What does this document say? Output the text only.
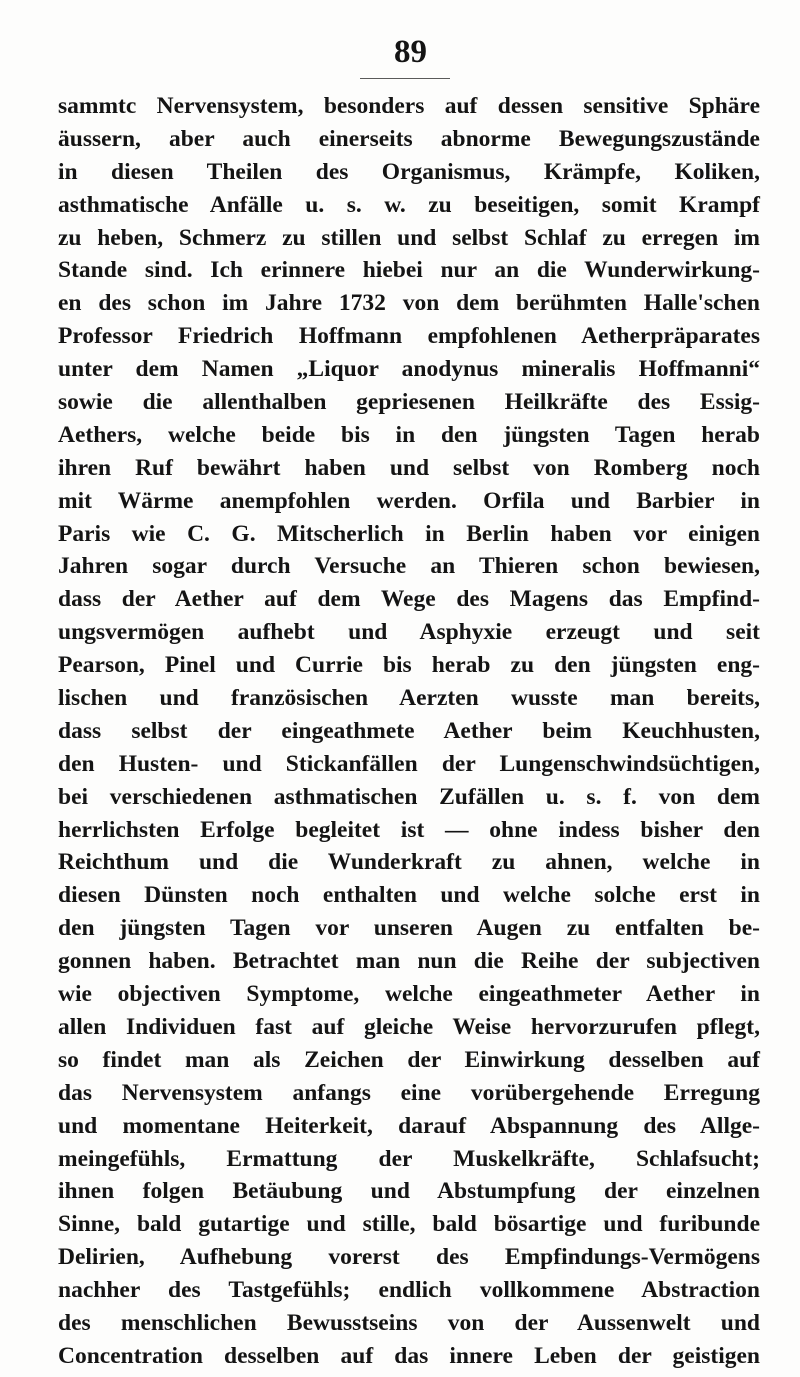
89
sammtc Nervensystem, besonders auf dessen sensitive Sphäre
äussern, aber auch einerseits abnorme Bewegungszustände
in diesen Theilen des Organismus, Krämpfe, Koliken,
asthmatische Anfälle u. s. w. zu beseitigen, somit Krampf
zu heben, Schmerz zu stillen und selbst Schlaf zu erregen im
Stande sind. Ich erinnere hiebei nur an die Wunderwirkung-
en des schon im Jahre 1732 von dem berühmten Halle'schen
Professor Friedrich Hoffmann empfohlenen Aetherpräparates
unter dem Namen „Liquor anodynus mineralis Hoffmanni“
sowie die allenthalben gepriesenen Heilkräfte des Essig-
Aethers, welche beide bis in den jüngsten Tagen herab
ihren Ruf bewährt haben und selbst von Romberg noch
mit Wärme anempfohlen werden. Orfila und Barbier in
Paris wie C. G. Mitscherlich in Berlin haben vor einigen
Jahren sogar durch Versuche an Thieren schon bewiesen,
dass der Aether auf dem Wege des Magens das Empfind-
ungsvermögen aufhebt und Asphyxie erzeugt und seit
Pearson, Pinel und Currie bis herab zu den jüngsten eng-
lischen und französischen Aerzten wusste man bereits,
dass selbst der eingeathmete Aether beim Keuchhusten,
den Husten- und Stickanfällen der Lungenschwindsüchtigen,
bei verschiedenen asthmatischen Zufällen u. s. f. von dem
herrlichsten Erfolge begleitet ist — ohne indess bisher den
Reichthum und die Wunderkraft zu ahnen, welche in
diesen Dünsten noch enthalten und welche solche erst in
den jüngsten Tagen vor unseren Augen zu entfalten be-
gonnen haben. Betrachtet man nun die Reihe der subjectiven
wie objectiven Symptome, welche eingeathmeter Aether in
allen Individuen fast auf gleiche Weise hervorzurufen pflegt,
so findet man als Zeichen der Einwirkung desselben auf
das Nervensystem anfangs eine vorübergehende Erregung
und momentane Heiterkeit, darauf Abspannung des Allge-
meingefühls, Ermattung der Muskelkräfte, Schlafsucht;
ihnen folgen Betäubung und Abstumpfung der einzelnen
Sinne, bald gutartige und stille, bald bösartige und furibunde
Delirien, Aufhebung vorerst des Empfindungs-Vermögens
nachher des Tastgefühls; endlich vollkommene Abstraction
des menschlichen Bewusstseins von der Aussenwelt und
Concentration desselben auf das innere Leben der geistigen
